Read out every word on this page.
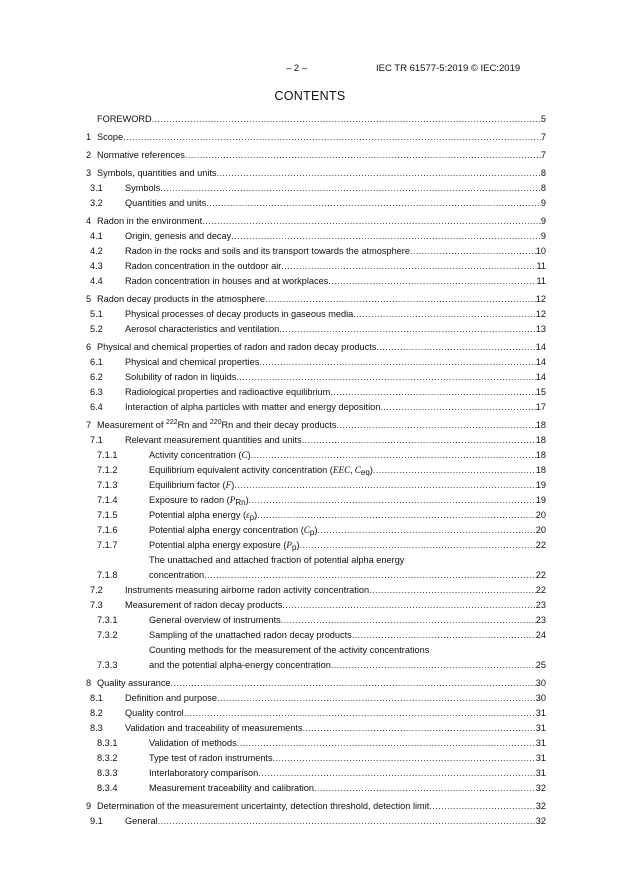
– 2 –	IEC TR 61577-5:2019 © IEC:2019
CONTENTS
FOREWORD .....	5
1 Scope .....	7
2 Normative references .....	7
3 Symbols, quantities and units .....	8
3.1 Symbols .....	8
3.2 Quantities and units .....	9
4 Radon in the environment .....	9
4.1 Origin, genesis and decay .....	9
4.2 Radon in the rocks and soils and its transport towards the atmosphere .....	10
4.3 Radon concentration in the outdoor air .....	11
4.4 Radon concentration in houses and at workplaces .....	11
5 Radon decay products in the atmosphere .....	12
5.1 Physical processes of decay products in gaseous media .....	12
5.2 Aerosol characteristics and ventilation .....	13
6 Physical and chemical properties of radon and radon decay products .....	14
6.1 Physical and chemical properties .....	14
6.2 Solubility of radon in liquids .....	14
6.3 Radiological properties and radioactive equilibrium .....	15
6.4 Interaction of alpha particles with matter and energy deposition .....	17
7 Measurement of $^{222}$Rn and $^{220}$Rn and their decay products .....	18
7.1 Relevant measurement quantities and units .....	18
7.1.1	Activity concentration (C) .....	18
7.1.2	Equilibrium equivalent activity concentration (EEC, $C_{eq}$) .....	18
7.1.3	Equilibrium factor (F) .....	19
7.1.4	Exposure to radon $(P_{Rn})$ .....	19
7.1.5	Potential alpha energy $(\varepsilon_p)$ .....	20
7.1.6	Potential alpha energy concentration $(C_p)$ .....	20
7.1.7	Potential alpha energy exposure $(P_p)$ .....	22
7.1.8
The unattached and attached fraction of potential alpha energy
concentration .....	22
7.2 Instruments measuring airborne radon activity concentration .....	22
7.3 Measurement of radon decay products .....	23
7.3.1	General overview of instruments .....	23
7.3.2	Sampling of the unattached radon decay products .....	24
7.3.3
Counting methods for the measurement of the activity concentrations
and the potential alpha-energy concentration .....	25
8 Quality assurance .....	30
8.1 Definition and purpose .....	30
8.2 Quality control .....	31
8.3 Validation and traceability of measurements .....	31
8.3.1	Validation of methods .....	31
8.3.2	Type test of radon instruments .....	31
8.3.3	Interlaboratory comparison .....	31
8.3.4	Measurement traceability and calibration .....	32
9 Determination of the measurement uncertainty, detection threshold, detection limit .....	32
9.1 General .....	32
